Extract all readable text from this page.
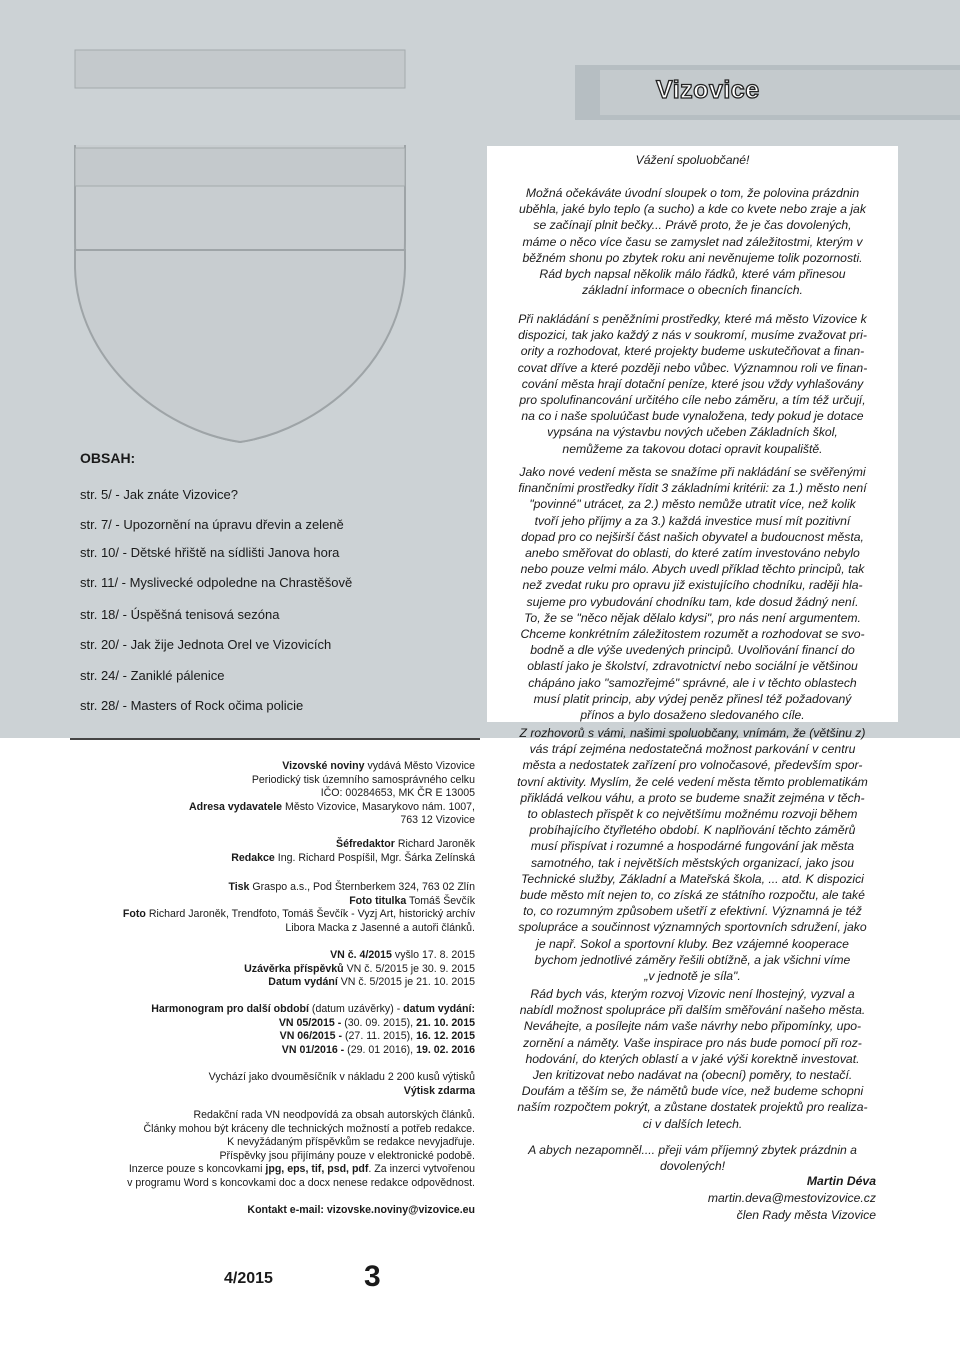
Vizovice
Vážení spoluobčané!
Možná očekáváte úvodní sloupek o tom, že polovina prázdnin
uběhla, jaké bylo teplo (a sucho) a kde co kvete nebo zraje a jak
se začínají plnit bečky... Právě proto, že je čas dovolených,
máme o něco více času se zamyslet nad záležitostmi, kterým v
běžném shonu po zbytek roku ani nevěnujeme tolik pozornosti.
Rád bych napsal několik málo řádků, které vám přinesou
základní informace o obecních financích.
Při nakládání s peněžními prostředky, které má město Vizovice k
dispozici, tak jako každý z nás v soukromí, musíme zvažovat pri-
ority a rozhodovat, které projekty budeme uskutečňovat a finan-
covat dříve a které později nebo vůbec. Významnou roli ve finan-
cování města hrají dotační peníze, které jsou vždy vyhlašovány
pro spolufinancování určitého cíle nebo záměru, a tím též určují,
na co i naše spoluúčast bude vynaložena, tedy pokud je dotace
vypsána na výstavbu nových učeben Základních škol,
nemůžeme za takovou dotaci opravit koupaliště.
Jako nové vedení města se snažíme při nakládání se svěřenými
finančními prostředky řídit 3 základními kritérii: za 1.) město není
"povinné" utrácet, za 2.) město nemůže utratit více, než kolik
tvoří jeho příjmy a za 3.) každá investice musí mít pozitivní
dopad pro co nejširší část našich obyvatel a budoucnost města,
anebo směřovat do oblasti, do které zatím investováno nebylo
nebo pouze velmi málo. Abych uvedl příklad těchto principů, tak
než zvedat ruku pro opravu již existujícího chodníku, raději hla-
sujeme pro vybudování chodníku tam, kde dosud žádný není.
To, že se "něco nějak dělalo kdysi", pro nás není argumentem.
Chceme konkrétním záležitostem rozumět a rozhodovat se svo-
bodně a dle výše uvedených principů. Uvolňování financí do
oblastí jako je školství, zdravotnictví nebo sociální je většinou
chápáno jako "samozřejmé" správné, ale i v těchto oblastech
musí platit princip, aby výdej peněz přinesl též požadovaný
přínos a bylo dosaženo sledovaného cíle.
Z rozhovorů s vámi, našimi spoluobčany, vnímám, že (většinu z)
vás trápí zejména nedostatečná možnost parkování v centru
města a nedostatek zařízení pro volnočasové, především spor-
tovní aktivity. Myslím, že celé vedení města těmto problematikám
přikládá velkou váhu, a proto se budeme snažit zejména v těch-
to oblastech přispět k co největšímu možnému rozvoji během
probíhajícího čtyřletého období. K naplňování těchto záměrů
musí přispívat i rozumné a hospodárné fungování jak města
samotného, tak i největších městských organizací, jako jsou
Technické služby, Základní a Mateřská škola, ... atd. K dispozici
bude město mít nejen to, co získá ze státního rozpočtu, ale také
to, co rozumným způsobem ušetří z efektivní. Významná je též
spolupráce a součinnost významných sportovních sdružení, jako
je např. Sokol a sportovní kluby. Bez vzájemné kooperace
bychom jednotlivé záměry řešili obtížně, a jak všichni víme
„v jednotě je síla".
Rád bych vás, kterým rozvoj Vizovic není lhostejný, vyzval a
nabídl možnost spolupráce při dalším směřování našeho města.
Neváhejte, a posílejte nám vaše návrhy nebo připomínky, upo-
zornění a náměty. Vaše inspirace pro nás bude pomocí při roz-
hodování, do kterých oblastí a v jaké výši korektně investovat.
Jen kritizovat nebo nadávat na (obecní) poměry, to nestačí.
Doufám a těším se, že námětů bude více, než budeme schopni
naším rozpočtem pokrýt, a zůstane dostatek projektů pro realiza-
ci v dalších letech.
A abych nezapomněl.... přeji vám příjemný zbytek prázdnin a
dovolených!
Martin Déva
martin.deva@mestovizovice.cz
člen Rady města Vizovice
OBSAH:
str. 5/ - Jak znáte Vizovice?
str. 7/ - Upozornění na úpravu dřevin a zeleně
str. 10/ - Dětské hřiště na sídlišti Janova hora
str. 11/ - Myslivecké odpoledne na Chrastěšově
str. 18/ - Úspěšná tenisová sezóna
str. 20/ - Jak žije Jednota Orel ve Vizovicích
str. 24/ - Zaniklé pálenice
str. 28/ - Masters of Rock očima policie
Vizovské noviny vydává Město Vizovice
Periodický tisk územního samosprávného celku
IČO: 00284653, MK ČR E 13005
Adresa vydavatele Město Vizovice, Masarykovo nám. 1007,
763 12 Vizovice
Šéfredaktor Richard Jaroněk
Redakce Ing. Richard Pospíšil, Mgr. Šárka Zelínská
Tisk Graspo a.s., Pod Šternberkem 324, 763 02 Zlín
Foto titulka Tomáš Ševčík
Foto Richard Jaroněk, Trendfoto, Tomáš Ševčík - Vyzj Art, historický archív
Libora Macka z Jasenné a autoři článků.
VN č. 4/2015 vyšlo 17. 8. 2015
Uzávěrka příspěvků VN č. 5/2015 je 30. 9. 2015
Datum vydání VN č. 5/2015 je 21. 10. 2015
Harmonogram pro další období (datum uzávěrky) - datum vydání:
VN 05/2015 - (30. 09. 2015), 21. 10. 2015
VN 06/2015 - (27. 11. 2015), 16. 12. 2015
VN 01/2016 - (29. 01 2016), 19. 02. 2016
Vychází jako dvouměsíčník v nákladu 2 200 kusů výtisků
Výtisk zdarma
Redakční rada VN neodpovídá za obsah autorských článků.
Články mohou být kráceny dle technických možností a potřeb redakce.
K nevyžádaným příspěvkům se redakce nevyjadřuje.
Příspěvky jsou přijímány pouze v elektronické podobě.
Inzerce pouze s koncovkami jpg, eps, tif, psd, pdf. Za inzerci vytvořenou
v programu Word s koncovkami doc a docx nenese redakce odpovědnost.
Kontakt e-mail: vizovske.noviny@vizovice.eu
4/2015	3
